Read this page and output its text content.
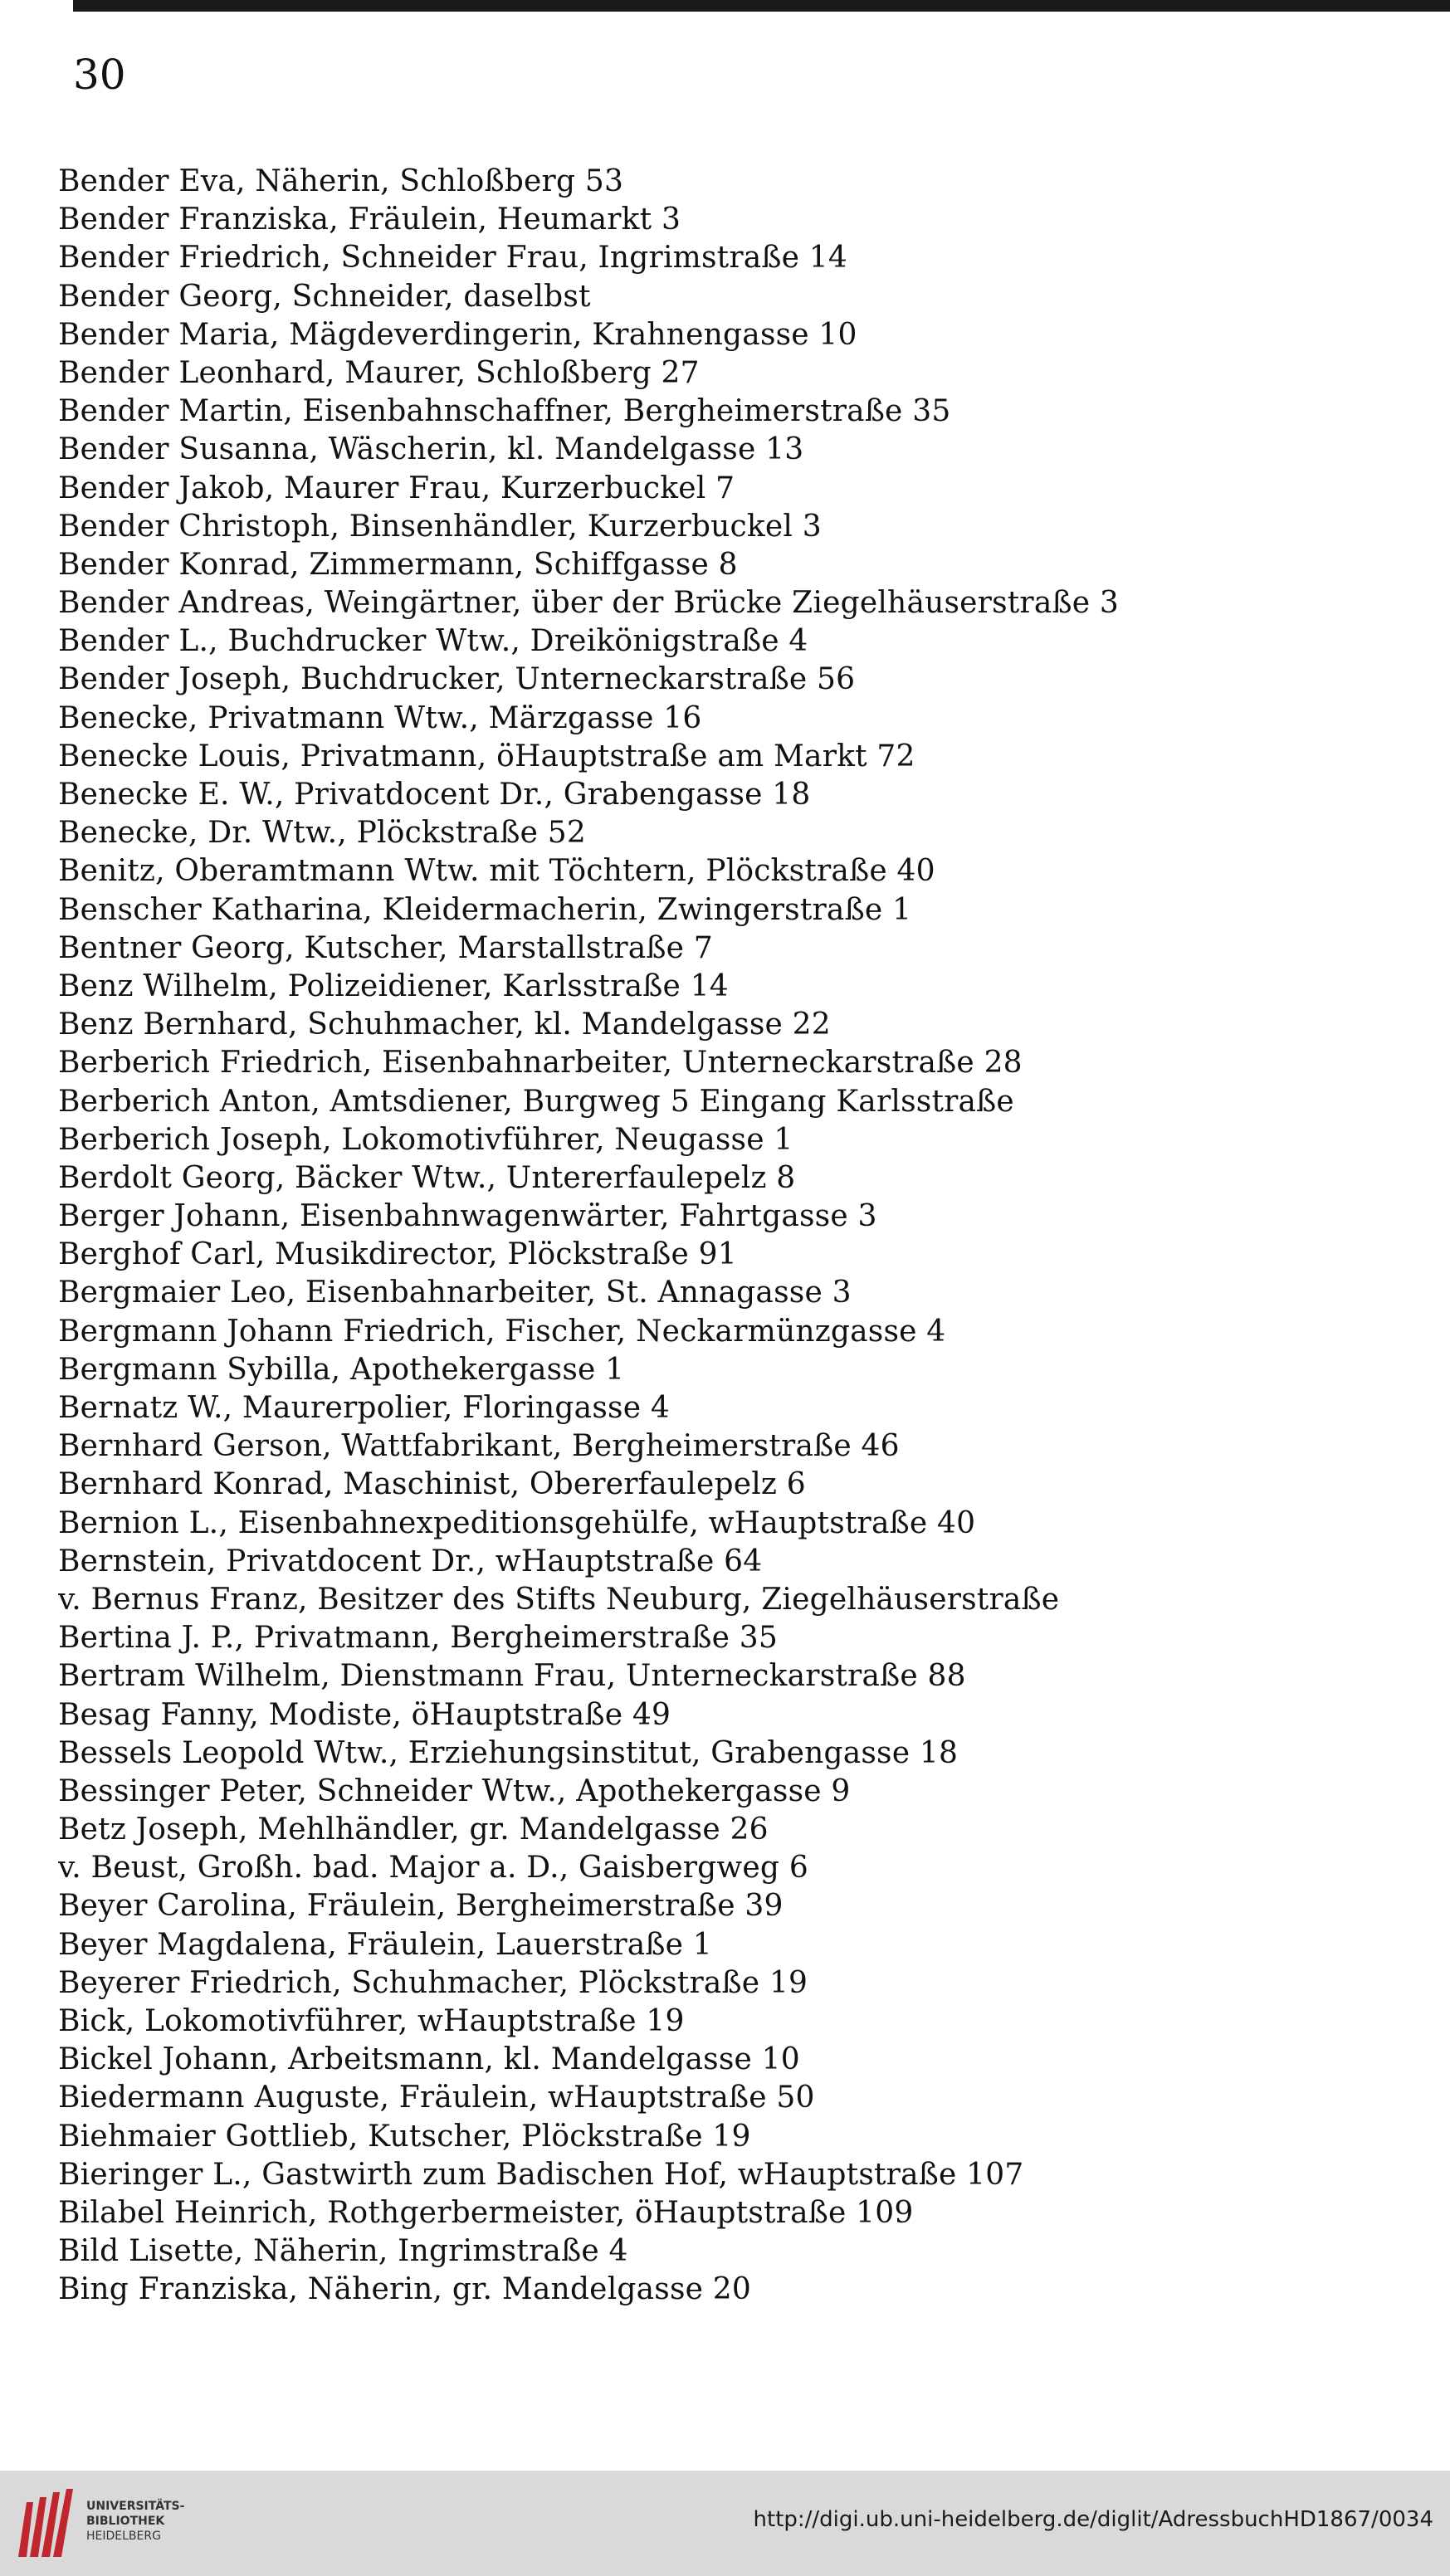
30
Bender Eva, Näherin, Schloßberg 53
Bender Franziska, Fräulein, Heumarkt 3
Bender Friedrich, Schneider Frau, Ingrimstraße 14
Bender Georg, Schneider, daselbst
Bender Maria, Mägdeverdingerin, Krahnengasse 10
Bender Leonhard, Maurer, Schloßberg 27
Bender Martin, Eisenbahnschaffner, Bergheimerstraße 35
Bender Susanna, Wäscherin, kl. Mandelgasse 13
Bender Jakob, Maurer Frau, Kurzerbuckel 7
Bender Christoph, Binsenhändler, Kurzerbuckel 3
Bender Konrad, Zimmermann, Schiffgasse 8
Bender Andreas, Weingärtner, über der Brücke Ziegelhäuserstraße 3
Bender L., Buchdrucker Wtw., Dreikönigstraße 4
Bender Joseph, Buchdrucker, Unterneckarstraße 56
Benecke, Privatmann Wtw., Märzgasse 16
Benecke Louis, Privatmann, öHauptstraße am Markt 72
Benecke E. W., Privatdocent Dr., Grabengasse 18
Benecke, Dr. Wtw., Plöckstraße 52
Benitz, Oberamtmann Wtw. mit Töchtern, Plöckstraße 40
Benscher Katharina, Kleidermacherin, Zwingerstraße 1
Bentner Georg, Kutscher, Marstallstraße 7
Benz Wilhelm, Polizeidiener, Karlsstraße 14
Benz Bernhard, Schuhmacher, kl. Mandelgasse 22
Berberich Friedrich, Eisenbahnarbeiter, Unterneckarstraße 28
Berberich Anton, Amtsdiener, Burgweg 5 Eingang Karlsstraße
Berberich Joseph, Lokomotivführer, Neugasse 1
Berdolt Georg, Bäcker Wtw., Untererfaulepelz 8
Berger Johann, Eisenbahnwagenwärter, Fahrtgasse 3
Berghof Carl, Musikdirector, Plöckstraße 91
Bergmaier Leo, Eisenbahnarbeiter, St. Annagasse 3
Bergmann Johann Friedrich, Fischer, Neckarmünzgasse 4
Bergmann Sybilla, Apothekergasse 1
Bernatz W., Maurerpolier, Floringasse 4
Bernhard Gerson, Wattfabrikant, Bergheimerstraße 46
Bernhard Konrad, Maschinist, Obererfaulepelz 6
Bernion L., Eisenbahnexpeditionsgehülfe, wHauptstraße 40
Bernstein, Privatdocent Dr., wHauptstraße 64
v. Bernus Franz, Besitzer des Stifts Neuburg, Ziegelhäuserstraße
Bertina J. P., Privatmann, Bergheimerstraße 35
Bertram Wilhelm, Dienstmann Frau, Unterneckarstraße 88
Besag Fanny, Modiste, öHauptstraße 49
Bessels Leopold Wtw., Erziehungsinstitut, Grabengasse 18
Bessinger Peter, Schneider Wtw., Apothekergasse 9
Betz Joseph, Mehlhändler, gr. Mandelgasse 26
v. Beust, Großh. bad. Major a. D., Gaisbergweg 6
Beyer Carolina, Fräulein, Bergheimerstraße 39
Beyer Magdalena, Fräulein, Lauerstraße 1
Beyerer Friedrich, Schuhmacher, Plöckstraße 19
Bick, Lokomotivführer, wHauptstraße 19
Bickel Johann, Arbeitsmann, kl. Mandelgasse 10
Biedermann Auguste, Fräulein, wHauptstraße 50
Biehmaier Gottlieb, Kutscher, Plöckstraße 19
Bieringer L., Gastwirth zum Badischen Hof, wHauptstraße 107
Bilabel Heinrich, Rothgerbermeister, öHauptstraße 109
Bild Lisette, Näherin, Ingrimstraße 4
Bing Franziska, Näherin, gr. Mandelgasse 20
UNIVERSITÄTS-
BIBLIOTHEK
HEIDELBERG
http://digi.ub.uni-heidelberg.de/diglit/AdressbuchHD1867/0034
